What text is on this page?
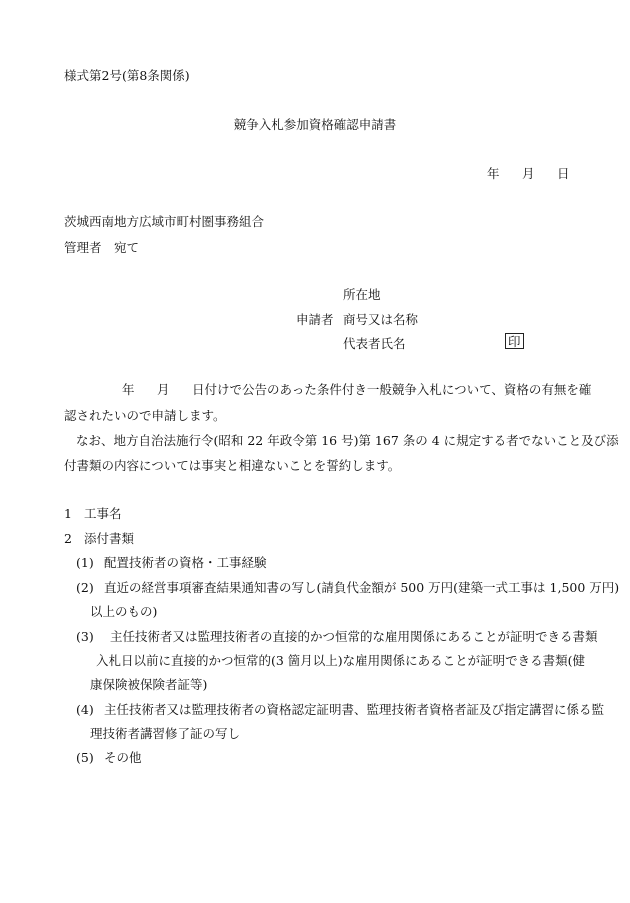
様式第2号(第8条関係)
競争入札参加資格確認申請書
年 月 日
茨城西南地方広域市町村圏事務組合
管理者　宛て
所在地
申請者 商号又は名称
代表者氏名	印
年 月 日付けで公告のあった条件付き一般競争入札について、資格の有無を確
認されたいので申請します。
なお、地方自治法施行令(昭和 22 年政令第 16 号)第 167 条の 4 に規定する者でないこと及び添
付書類の内容については事実と相違ないことを誓約します。
1 工事名
2 添付書類
(1) 配置技術者の資格・工事経験
(2) 直近の経営事項審査結果通知書の写し(請負代金額が 500 万円(建築一式工事は 1,500 万円)
以上のもの)
(3) 主任技術者又は監理技術者の直接的かつ恒常的な雇用関係にあることが証明できる書類
入札日以前に直接的かつ恒常的(3 箇月以上)な雇用関係にあることが証明できる書類(健
康保険被保険者証等)
(4) 主任技術者又は監理技術者の資格認定証明書、監理技術者資格者証及び指定講習に係る監
理技術者講習修了証の写し
(5) その他
